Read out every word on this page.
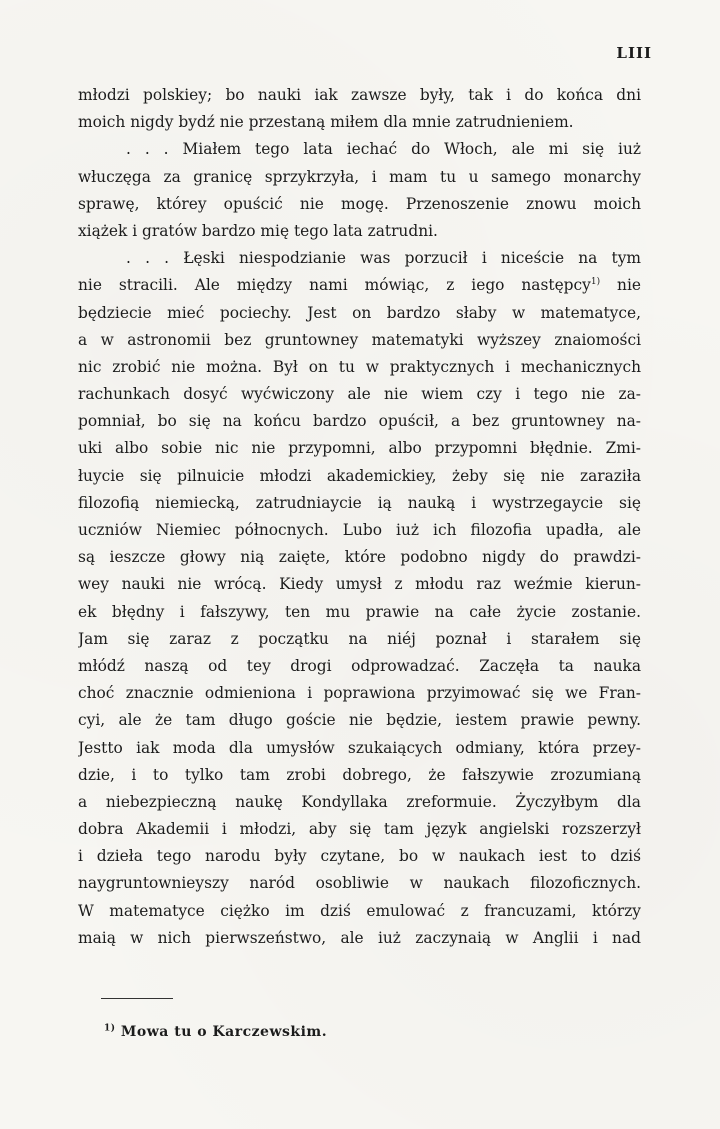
LIII
młodzi polskiey; bo nauki iak zawsze były, tak i do końca dni
moich nigdy bydź nie przestaną miłem dla mnie zatrudnieniem.
. . . Miałem tego lata iechać do Włoch, ale mi się iuż
włuczęga za granicę sprzykrzyła, i mam tu u samego monarchy
sprawę, którey opuścić nie mogę. Przenoszenie znowu moich
xiążek i gratów bardzo mię tego lata zatrudni.
. . . Łęski niespodzianie was porzucił i niceście na tym
nie stracili. Ale między nami mówiąc, z iego następcy$^{1)}$ nie
będziecie mieć pociechy. Jest on bardzo słaby w matematyce,
a w astronomii bez gruntowney matematyki wyższey znaiomości
nic zrobić nie można. Był on tu w praktycznych i mechanicznych
rachunkach dosyć wyćwiczony ale nie wiem czy i tego nie za-
pomniał, bo się na końcu bardzo opuścił, a bez gruntowney na-
uki albo sobie nic nie przypomni, albo przypomni błędnie. Zmi-
łuycie się pilnuicie młodzi akademickiey, żeby się nie zaraziła
filozofią niemiecką, zatrudniaycie ią nauką i wystrzegaycie się
uczniów Niemiec północnych. Lubo iuż ich filozofia upadła, ale
są ieszcze głowy nią zaięte, które podobno nigdy do prawdzi-
wey nauki nie wrócą. Kiedy umysł z młodu raz weźmie kierun-
ek błędny i fałszywy, ten mu prawie na całe życie zostanie.
Jam się zaraz z początku na niéj poznał i starałem się
młódź naszą od tey drogi odprowadzać. Zaczęła ta nauka
choć znacznie odmieniona i poprawiona przyimować się we Fran-
cyi, ale że tam długo goście nie będzie, iestem prawie pewny.
Jestto iak moda dla umysłów szukaiących odmiany, która przey-
dzie, i to tylko tam zrobi dobrego, że fałszywie zrozumianą
a niebezpieczną naukę Kondyllaka zreformuie. Życzyłbym dla
dobra Akademii i młodzi, aby się tam język angielski rozszerzył
i dzieła tego narodu były czytane, bo w naukach iest to dziś
naygruntownieyszy naród osobliwie w naukach filozoficznych.
W matematyce ciężko im dziś emulować z francuzami, którzy
maią w nich pierwszeństwo, ale iuż zaczynaią w Anglii i nad
$^{1)}$ Mowa tu o Karczewskim.
